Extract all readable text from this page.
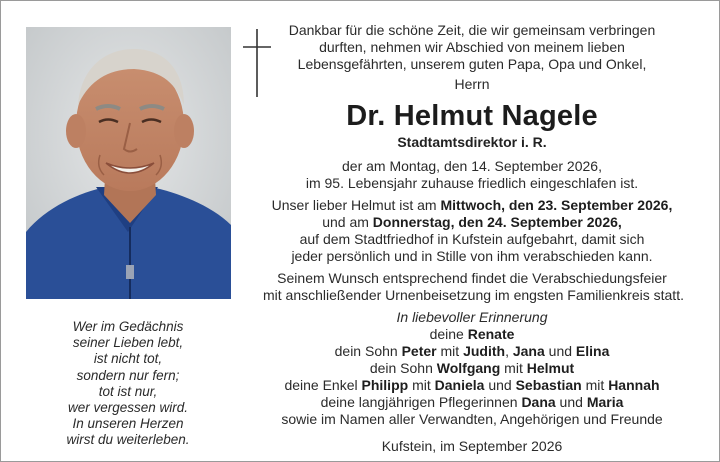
Wer im Gedächnis
seiner Lieben lebt,
ist nicht tot,
sondern nur fern;
tot ist nur,
wer vergessen wird.
In unseren Herzen
wirst du weiterleben.
Dankbar für die schöne Zeit, die wir gemeinsam verbringen
durften, nehmen wir Abschied von meinem lieben
Lebensgefährten, unserem guten Papa, Opa und Onkel,
Herrn
Dr. Helmut Nagele
Stadtamtsdirektor i. R.
der am Montag, den 14. September 2026,
im 95. Lebensjahr zuhause friedlich eingeschlafen ist.
Unser lieber Helmut ist am Mittwoch, den 23. September 2026,
und am Donnerstag, den 24. September 2026,
auf dem Stadtfriedhof in Kufstein aufgebahrt, damit sich
jeder persönlich und in Stille von ihm verabschieden kann.
Seinem Wunsch entsprechend findet die Verabschiedungsfeier
mit anschließender Urnenbeisetzung im engsten Familienkreis statt.
In liebevoller Erinnerung
deine Renate
dein Sohn Peter mit Judith, Jana und Elina
dein Sohn Wolfgang mit Helmut
deine Enkel Philipp mit Daniela und Sebastian mit Hannah
deine langjährigen Pflegerinnen Dana und Maria
sowie im Namen aller Verwandten, Angehörigen und Freunde
Kufstein, im September 2026
